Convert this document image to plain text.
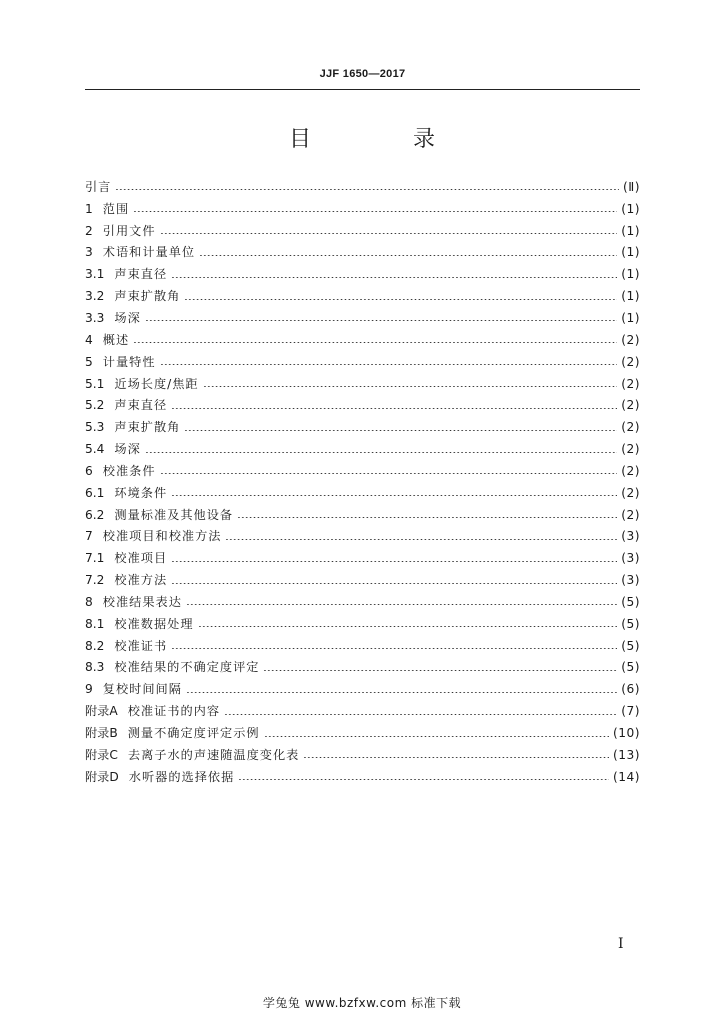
JJF 1650—2017
目　录
引言	(Ⅱ)
1 范围	(1)
2 引用文件	(1)
3 术语和计量单位	(1)
3.1 声束直径	(1)
3.2 声束扩散角	(1)
3.3 场深	(1)
4 概述	(2)
5 计量特性	(2)
5.1 近场长度/焦距	(2)
5.2 声束直径	(2)
5.3 声束扩散角	(2)
5.4 场深	(2)
6 校准条件	(2)
6.1 环境条件	(2)
6.2 测量标准及其他设备	(2)
7 校准项目和校准方法	(3)
7.1 校准项目	(3)
7.2 校准方法	(3)
8 校准结果表达	(5)
8.1 校准数据处理	(5)
8.2 校准证书	(5)
8.3 校准结果的不确定度评定	(5)
9 复校时间间隔	(6)
附录A 校准证书的内容	(7)
附录B 测量不确定度评定示例	(10)
附录C 去离子水的声速随温度变化表	(13)
附录D 水听器的选择依据	(14)
I
学兔兔 www.bzfxw.com 标准下载
